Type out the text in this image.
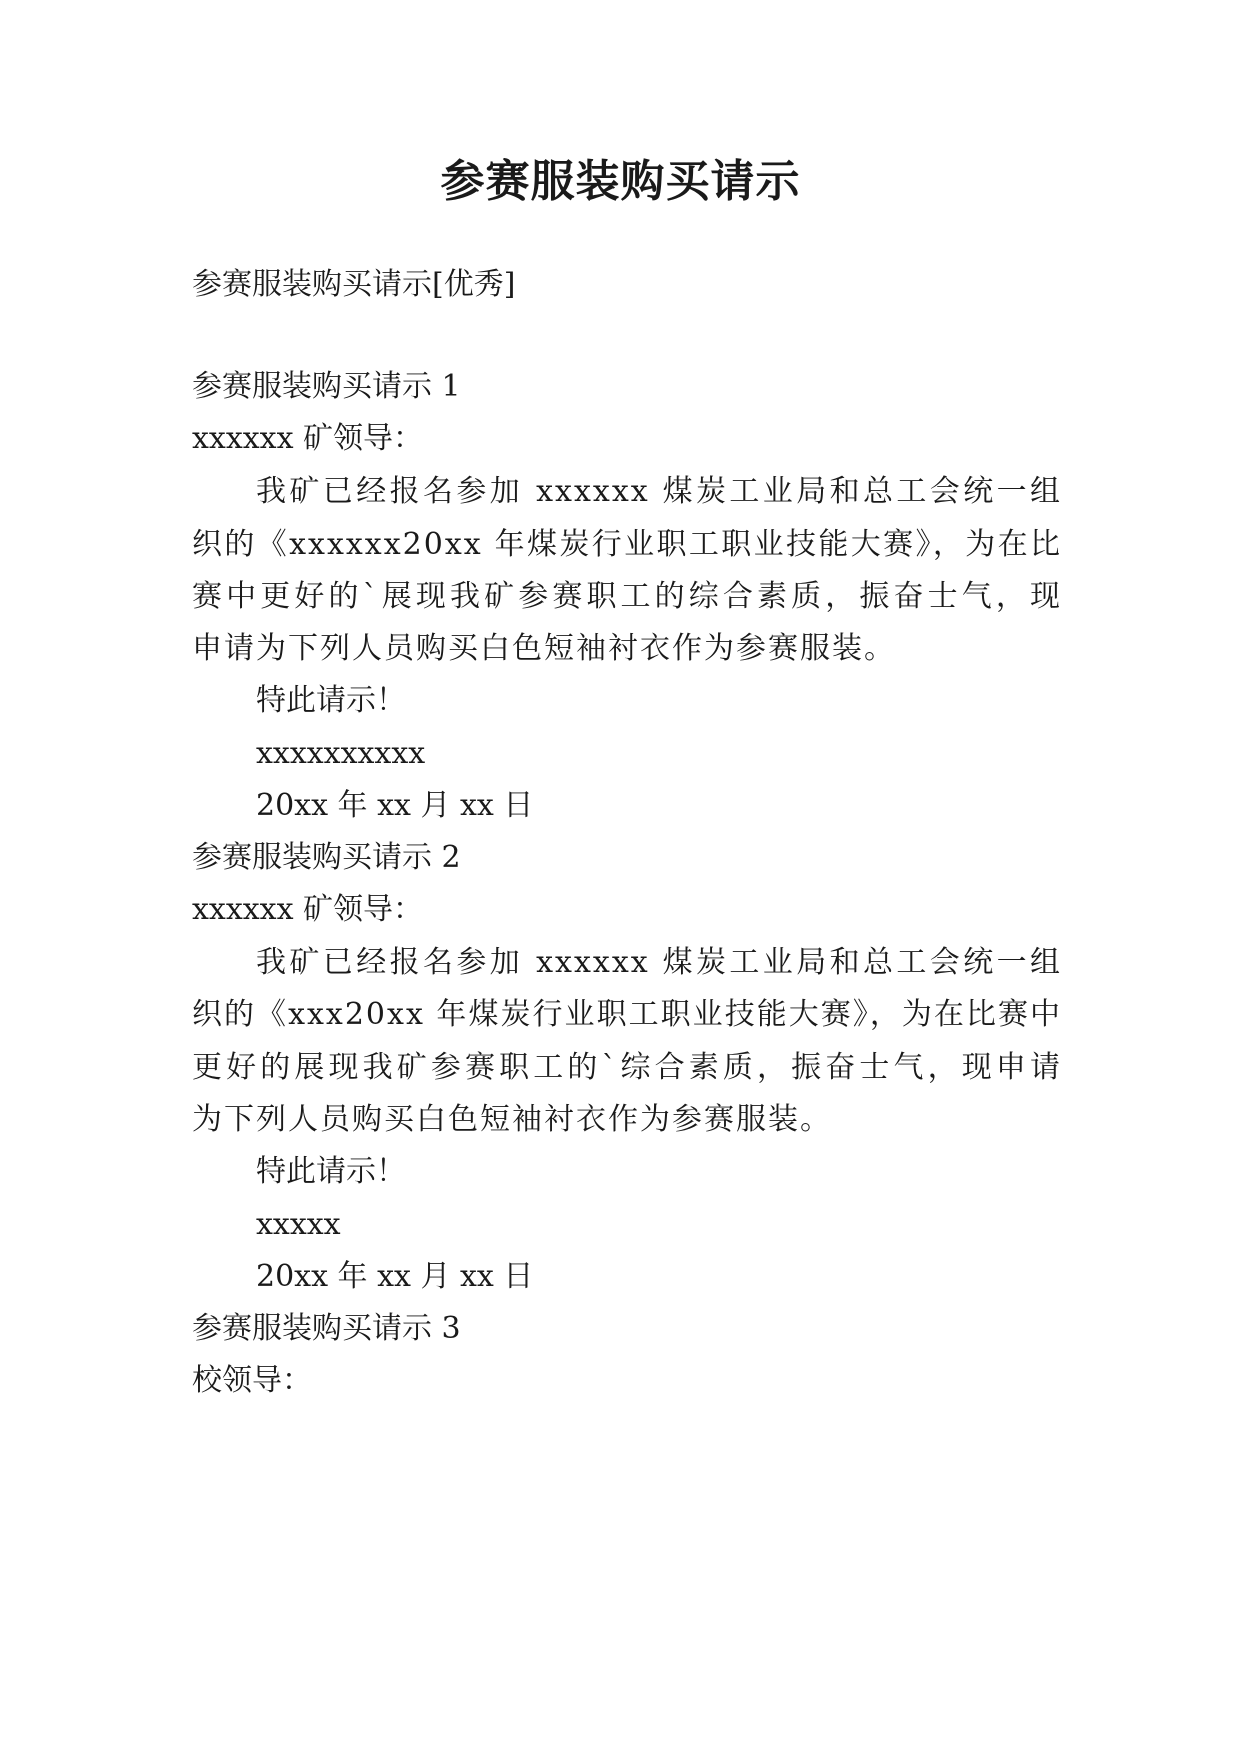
参赛服装购买请示

参赛服装购买请示[优秀]

参赛服装购买请示 1

xxxxxx 矿领导：

我矿已经报名参加 xxxxxx 煤炭工业局和总工会统一组

织的《xxxxxx20xx 年煤炭行业职工职业技能大赛》，为在比

赛中更好的`展现我矿参赛职工的综合素质，振奋士气，现

申请为下列人员购买白色短袖衬衣作为参赛服装。

特此请示！

xxxxxxxxxx

20xx 年 xx 月 xx 日

参赛服装购买请示 2

xxxxxx 矿领导：

我矿已经报名参加 xxxxxx 煤炭工业局和总工会统一组

织的《xxx20xx 年煤炭行业职工职业技能大赛》，为在比赛中

更好的展现我矿参赛职工的`综合素质，振奋士气，现申请

为下列人员购买白色短袖衬衣作为参赛服装。

特此请示！

xxxxx

20xx 年 xx 月 xx 日

参赛服装购买请示 3

校领导：
